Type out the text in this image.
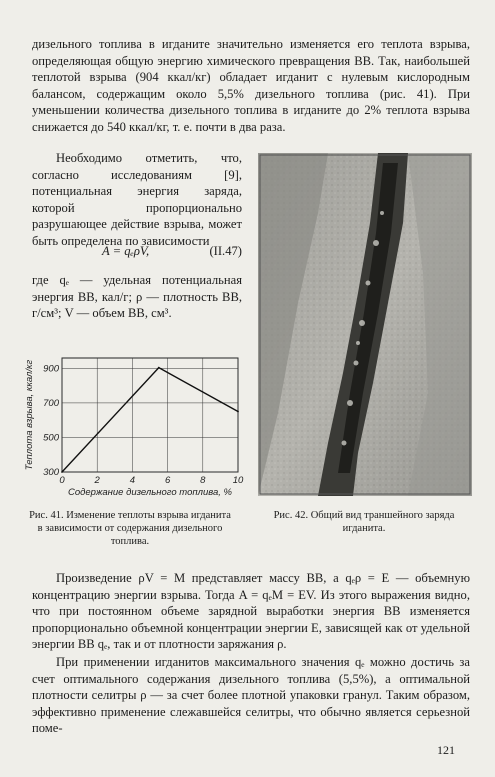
дизельного топлива в игданите значительно изменяется его теплота взрыва, определяющая общую энергию химического превращения ВВ. Так, наибольшей теплотой взрыва (904 ккал/кг) обладает игданит с нулевым кислородным балансом, содержащим около 5,5% дизельного топлива (рис. 41). При уменьшении количества дизельного топлива в игданите до 2% теплота взрыва снижается до 540 ккал/кг, т. е. почти в два раза.
Необходимо отметить, что, согласно исследованиям [9], потенциальная энергия заряда, которой пропорционально разрушающее действие взрыва, может быть определена по зависимости
A = qₑρV,	(II.47)
где qₑ — удельная потенциальная энергия ВВ, кал/г; ρ — плотность ВВ, г/см³; V — объем ВВ, см³.
300
500
700
900
0	2	4	6	8	10
Содержание дизельного топлива, %
Теплота взрыва, ккал/кг
Рис. 41. Изменение теплоты взрыва игданита в зависимости от содержания дизельного топлива.
Рис. 42. Общий вид траншейного заряда игданита.
Произведение ρV = M представляет массу ВВ, а qₑρ = E — объемную концентрацию энергии взрыва. Тогда A = qₑM = EV. Из этого выражения видно, что при постоянном объеме зарядной выработки энергия ВВ изменяется пропорционально объемной концентрации энергии E, зависящей как от удельной энергии ВВ qₑ, так и от плотности заряжания ρ.
При применении игданитов максимального значения qₑ можно достичь за счет оптимального содержания дизельного топлива (5,5%), а оптимальной плотности селитры ρ — за счет более плотной упаковки гранул. Таким образом, эффективно применение слежавшейся селитры, что обычно является серьезной поме-
121
